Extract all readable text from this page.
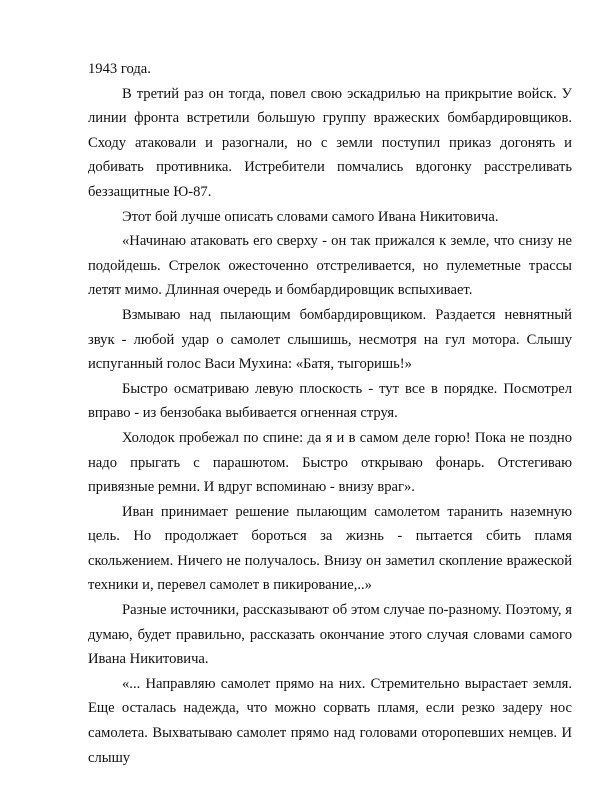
1943 года.

В третий раз он тогда, повел свою эскадрилью на прикрытие войск. У линии фронта встретили большую группу вражеских бомбардировщиков. Сходу атаковали и разогнали, но с земли поступил приказ догонять и добивать противника. Истребители помчались вдогонку расстреливать беззащитные Ю-87.

Этот бой лучше описать словами самого Ивана Никитовича.

«Начинаю атаковать его сверху - он так прижался к земле, что снизу не подойдешь. Стрелок ожесточенно отстреливается, но пулеметные трассы летят мимо. Длинная очередь и бомбардировщик вспыхивает.

Взмываю над пылающим бомбардировщиком. Раздается невнятный звук - любой удар о самолет слышишь, несмотря на гул мотора. Слышу испуганный голос Васи Мухина: «Батя, тыгоришь!»

Быстро осматриваю левую плоскость - тут все в порядке. Посмотрел вправо - из бензобака выбивается огненная струя.

Холодок пробежал по спине: да я и в самом деле горю! Пока не поздно надо прыгать с парашютом. Быстро открываю фонарь. Отстегиваю привязные ремни. И вдруг вспоминаю - внизу враг».

Иван принимает решение пылающим самолетом таранить наземную цель. Но продолжает бороться за жизнь - пытается сбить пламя скольжением. Ничего не получалось. Внизу он заметил скопление вражеской техники и, перевел самолет в пикирование,..»

Разные источники, рассказывают об этом случае по-разному. Поэтому, я думаю, будет правильно, рассказать окончание этого случая словами самого Ивана Никитовича.

«... Направляю самолет прямо на них. Стремительно вырастает земля. Еще осталась надежда, что можно сорвать пламя, если резко задеру нос самолета. Выхватываю самолет прямо над головами оторопевших немцев. И слышу
